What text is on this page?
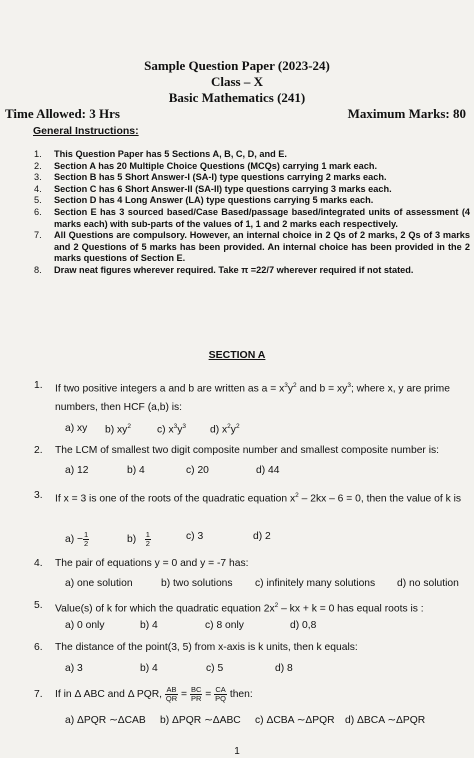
Sample Question Paper (2023-24)
Class – X
Basic Mathematics (241)
Time Allowed: 3 Hrs	Maximum Marks: 80
General Instructions:
1.	This Question Paper has 5 Sections A, B, C, D, and E.
2.	Section A has 20 Multiple Choice Questions (MCQs) carrying 1 mark each.
3.	Section B has 5 Short Answer-I (SA-I) type questions carrying 2 marks each.
4.	Section C has 6 Short Answer-II (SA-II) type questions carrying 3 marks each.
5.	Section D has 4 Long Answer (LA) type questions carrying 5 marks each.
6.	Section E has 3 sourced based/Case Based/passage based/integrated units of assessment (4 marks each) with sub-parts of the values of 1, 1 and 2 marks each respectively.
7.	All Questions are compulsory. However, an internal choice in 2 Qs of 2 marks, 2 Qs of 3 marks and 2 Questions of 5 marks has been provided. An internal choice has been provided in the 2 marks questions of Section E.
8.	Draw neat figures wherever required. Take π =22/7 wherever required if not stated.
SECTION A
1.	If two positive integers a and b are written as $a = x^3y^2$ and $b = xy^3$; where x, y are prime numbers, then HCF (a,b) is:
a) xy b) $xy^2$	c) $x^3y^3$ d) $x^2y^2$
2.	The LCM of smallest two digit composite number and smallest composite number is:
a) 12	b) 4	c) 20	d) 44
3.	If x = 3 is one of the roots of the quadratic equation $x^2 - 2kx - 6 = 0$, then the value of k is
$a) - \frac{1}{2}$	$b) \frac{1}{2}$	c) 3	d) 2
4.	The pair of equations y = 0 and y = -7 has:
a) one solution	b) two solutions c) infinitely many solutions d) no solution
5.	Value(s) of k for which the quadratic equation $2x^2$ – kx + k = 0 has equal roots is :
a) 0 only	b) 4	c) 8 only	d) 0,8
6.	The distance of the point(3, 5) from x-axis is k units, then k equals:
a) 3	b) 4	c) 5	d) 8
7.	If in Δ ABC and Δ PQR, $\frac{AB}{QR} = \frac{BC}{PR} = \frac{CA}{PQ}$ then:
a) ΔPQR ∼ΔCAB b) ΔPQR ∼ΔABC c) ΔCBA ∼ΔPQR d) ΔBCA ∼ΔPQR
1
